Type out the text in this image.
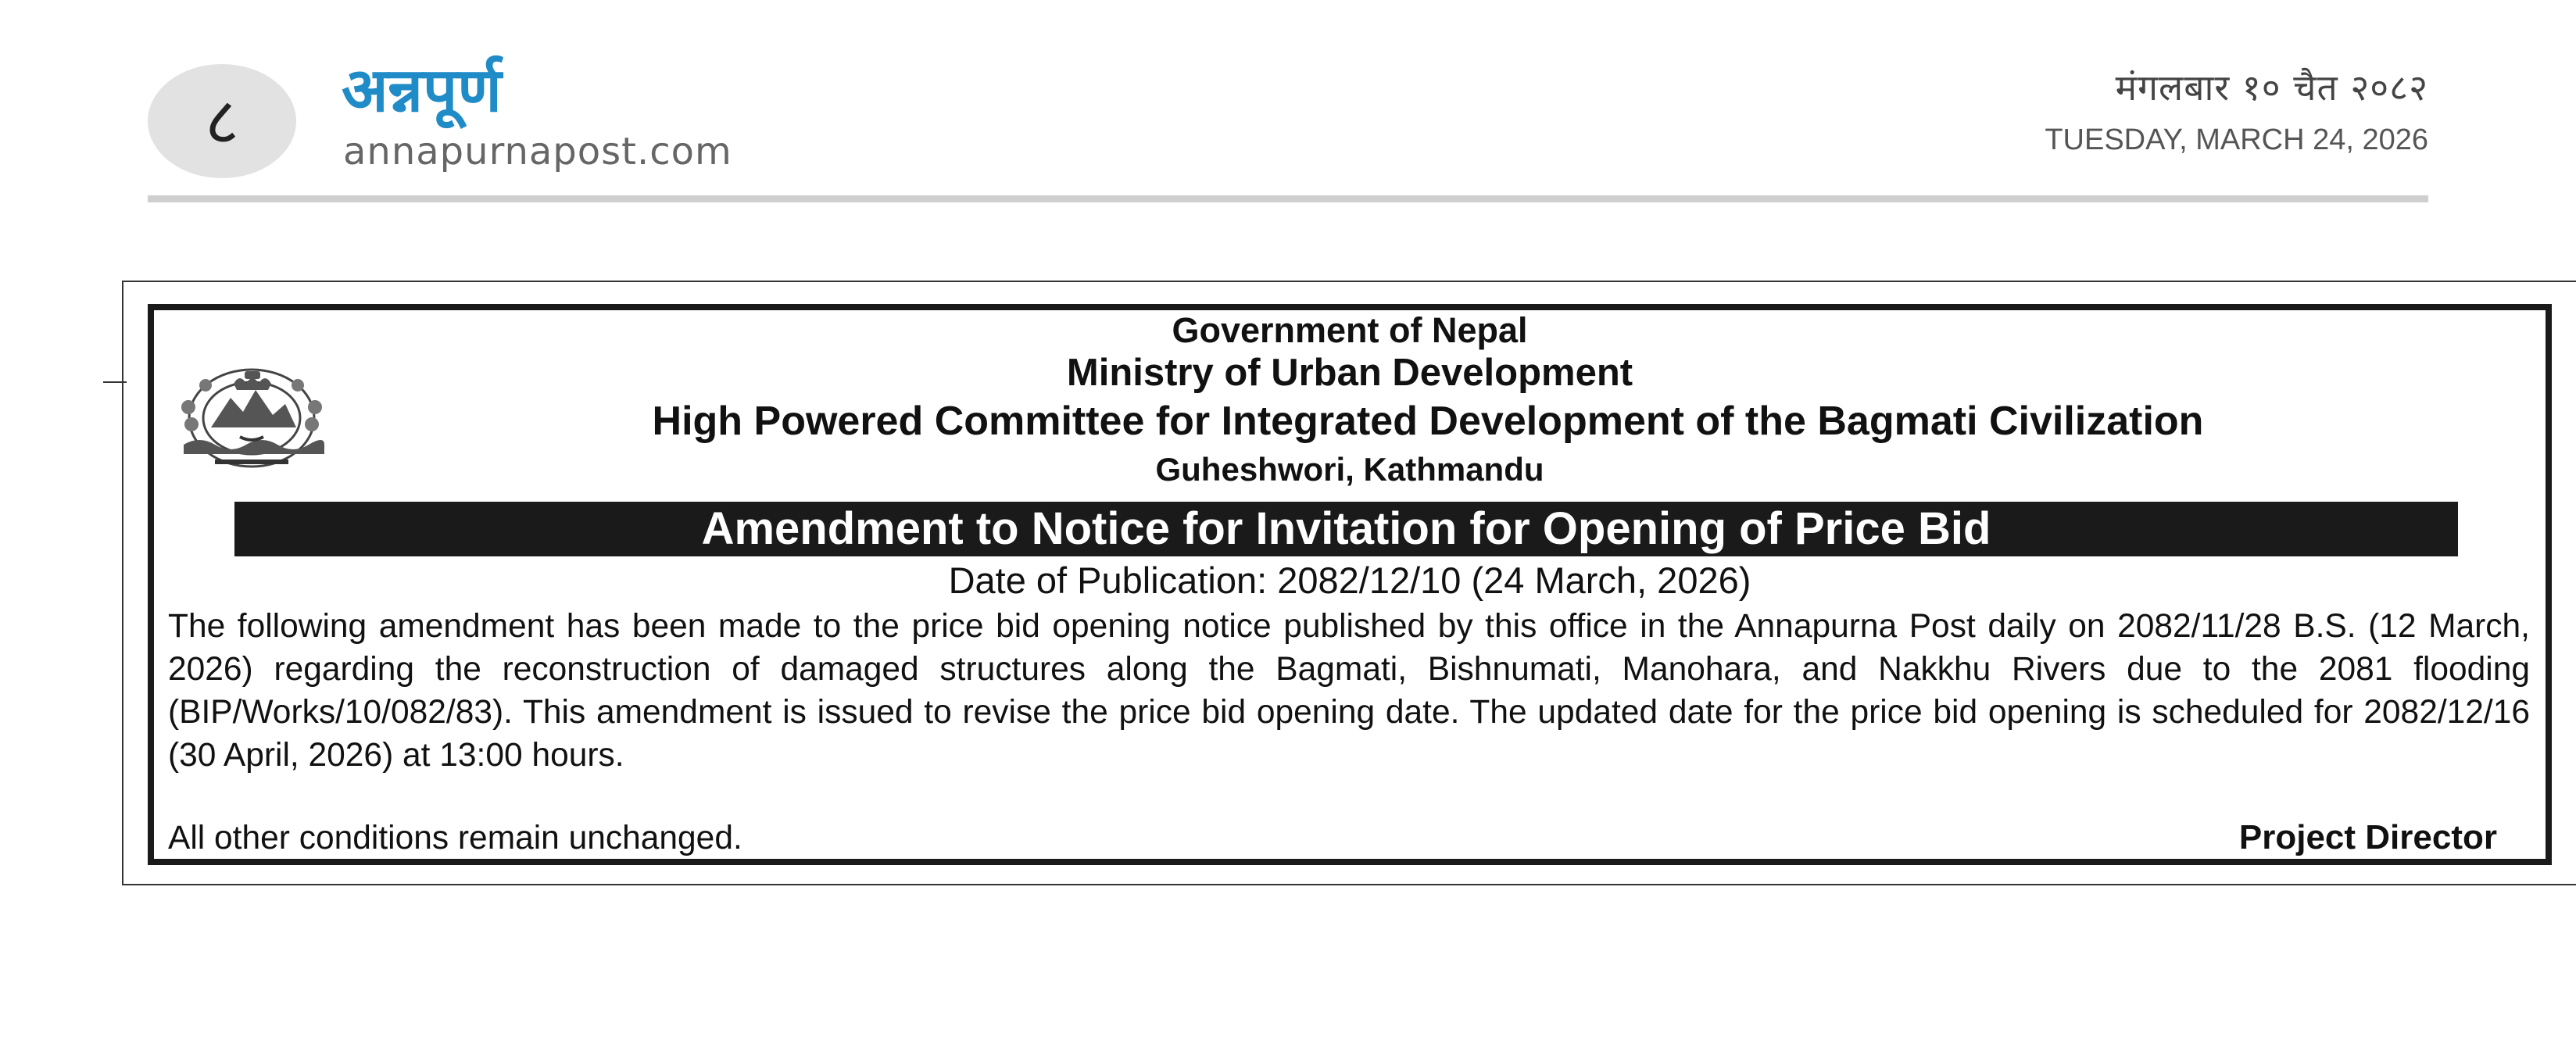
८	अन्नपूर्ण
annapurnapost.com
मंगलबार १० चैत २०८२
TUESDAY, MARCH 24, 2026
Government of Nepal
Ministry of Urban Development
High Powered Committee for Integrated Development of the Bagmati Civilization
Guheshwori, Kathmandu
Amendment to Notice for Invitation for Opening of Price Bid
Date of Publication: 2082/12/10 (24 March, 2026)
The following amendment has been made to the price bid opening notice published by this office in the Annapurna Post daily on 2082/11/28 B.S. (12 March, 2026) regarding the reconstruction of damaged structures along the Bagmati, Bishnumati, Manohara, and Nakkhu Rivers due to the 2081 flooding (BIP/Works/10/082/83). This amendment is issued to revise the price bid opening date. The updated date for the price bid opening is scheduled for 2082/12/16 (30 April, 2026) at 13:00 hours.
All other conditions remain unchanged.	Project Director
